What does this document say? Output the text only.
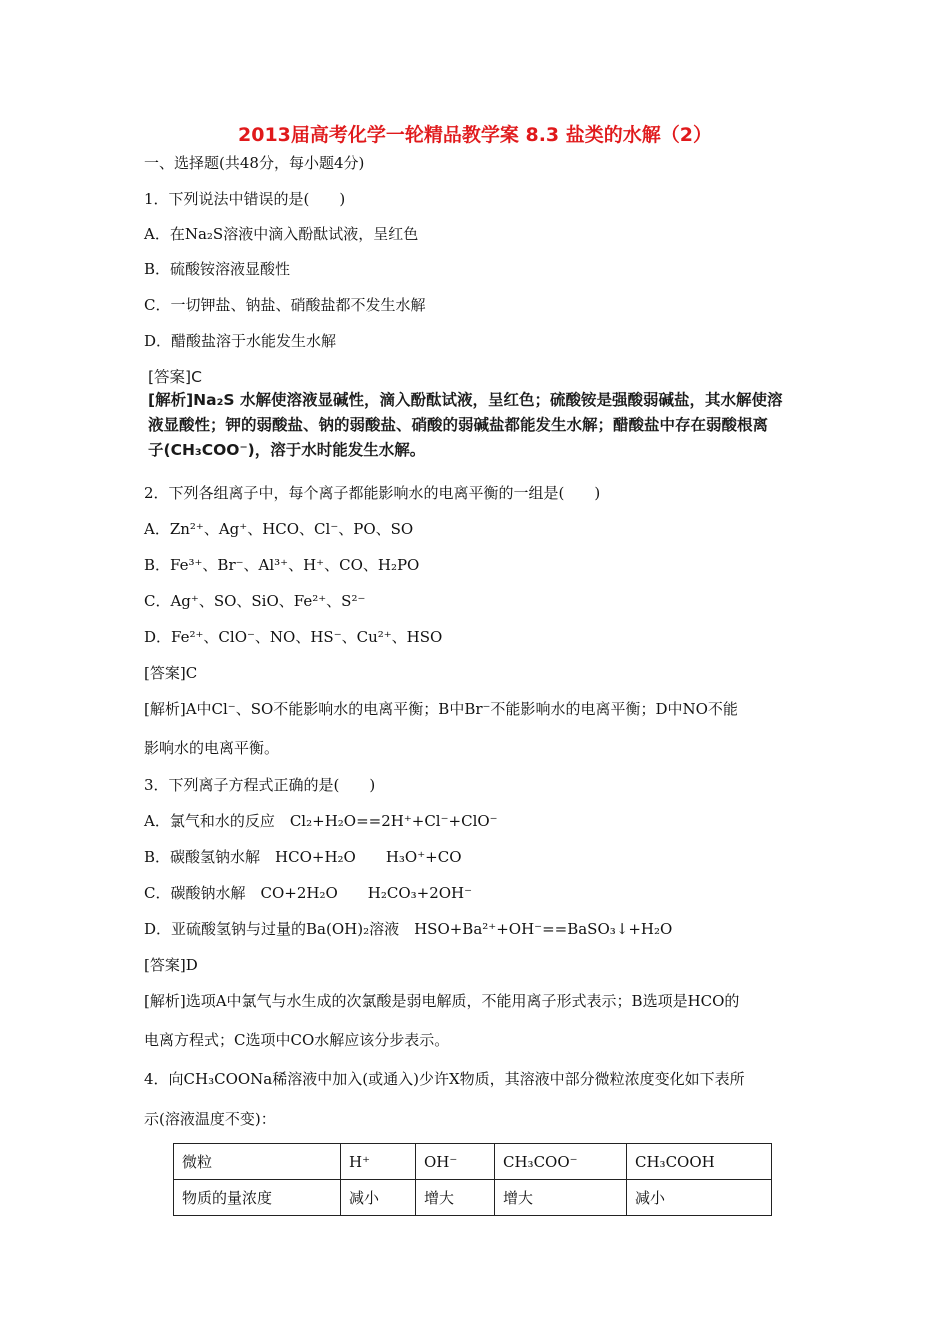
2013届高考化学一轮精品教学案 8.3 盐类的水解（2）
一、选择题(共48分，每小题4分)
1．下列说法中错误的是(　　)
A．在Na₂S溶液中滴入酚酞试液，呈红色
B．硫酸铵溶液显酸性
C．一切钾盐、钠盐、硝酸盐都不发生水解
D．醋酸盐溶于水能发生水解
[答案]C
[解析]Na₂S 水解使溶液显碱性，滴入酚酞试液，呈红色；硫酸铵是强酸弱碱盐，其水解使溶
液显酸性；钾的弱酸盐、钠的弱酸盐、硝酸的弱碱盐都能发生水解；醋酸盐中存在弱酸根离
子(CH₃COO⁻)，溶于水时能发生水解。
2．下列各组离子中，每个离子都能影响水的电离平衡的一组是(　　)
A．Zn²⁺、Ag⁺、HCO、Cl⁻、PO、SO
B．Fe³⁺、Br⁻、Al³⁺、H⁺、CO、H₂PO
C．Ag⁺、SO、SiO、Fe²⁺、S²⁻
D．Fe²⁺、ClO⁻、NO、HS⁻、Cu²⁺、HSO
[答案]C
[解析]A中Cl⁻、SO不能影响水的电离平衡；B中Br⁻不能影响水的电离平衡；D中NO不能
影响水的电离平衡。
3．下列离子方程式正确的是(　　)
A．氯气和水的反应　Cl₂+H₂O==2H⁺+Cl⁻+ClO⁻
B．碳酸氢钠水解　HCO+H₂O　　H₃O⁺+CO
C．碳酸钠水解　CO+2H₂O　　H₂CO₃+2OH⁻
D．亚硫酸氢钠与过量的Ba(OH)₂溶液　HSO+Ba²⁺+OH⁻==BaSO₃↓+H₂O
[答案]D
[解析]选项A中氯气与水生成的次氯酸是弱电解质，不能用离子形式表示；B选项是HCO的
电离方程式；C选项中CO水解应该分步表示。
4．向CH₃COONa稀溶液中加入(或通入)少许X物质，其溶液中部分微粒浓度变化如下表所
示(溶液温度不变)：
微粒	H⁺	OH⁻	CH₃COO⁻	CH₃COOH
物质的量浓度	减小	增大	增大	减小
